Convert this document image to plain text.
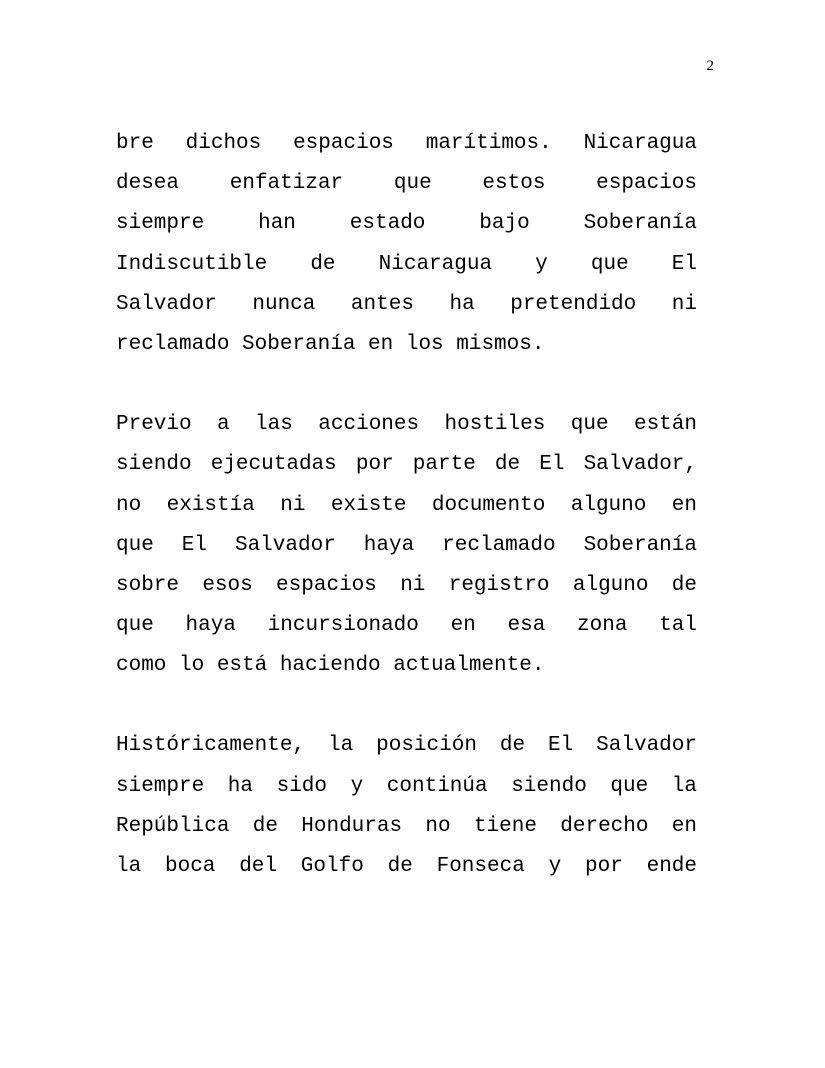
2
bre dichos espacios marítimos. Nicaragua
desea enfatizar que estos espacios
siempre han estado bajo Soberanía
Indiscutible de Nicaragua y que El
Salvador nunca antes ha pretendido ni
reclamado Soberanía en los mismos.
Previo a las acciones hostiles que están
siendo ejecutadas por parte de El Salvador,
no existía ni existe documento alguno en
que El Salvador haya reclamado Soberanía
sobre esos espacios ni registro alguno de
que haya incursionado en esa zona tal
como lo está haciendo actualmente.
Históricamente, la posición de El Salvador
siempre ha sido y continúa siendo que la
República de Honduras no tiene derecho en
la boca del Golfo de Fonseca y por ende
